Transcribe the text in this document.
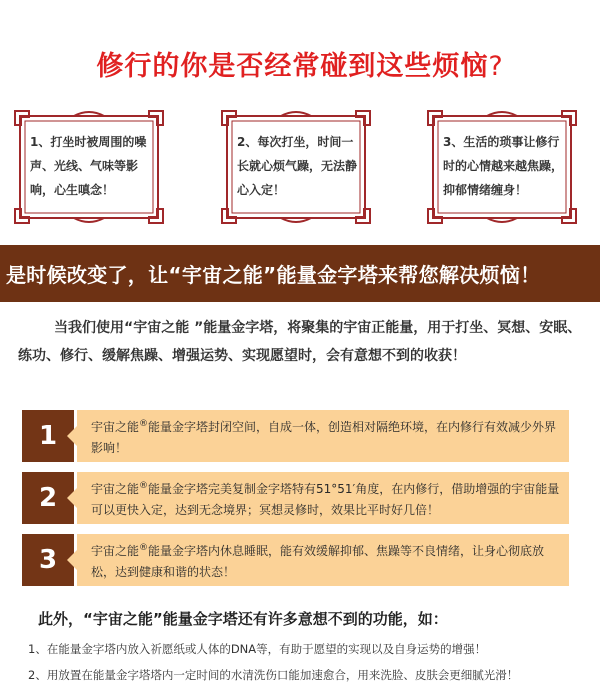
修行的你是否经常碰到这些烦恼?
1、打坐时被周围的噪声、光线、气味等影响，心生嗔念！
2、每次打坐，时间一长就心烦气躁，无法静心入定！
3、生活的琐事让修行时的心情越来越焦躁，抑郁情绪缠身！
是时候改变了，让“宇宙之能”能量金字塔来帮您解决烦恼！
当我们使用“宇宙之能 ”能量金字塔，将聚集的宇宙正能量，用于打坐、冥想、安眠、练功、修行、缓解焦躁、增强运势、实现愿望时，会有意想不到的收获！
1	宇宙之能®能量金字塔封闭空间，自成一体，创造相对隔绝环境，在内修行有效减少外界影响！
2	宇宙之能®能量金字塔完美复制金字塔特有51°51′角度，在内修行，借助增强的宇宙能量可以更快入定，达到无念境界；冥想灵修时，效果比平时好几倍！
3	宇宙之能®能量金字塔内休息睡眠，能有效缓解抑郁、焦躁等不良情绪，让身心彻底放松，达到健康和谐的状态！
此外，“宇宙之能”能量金字塔还有许多意想不到的功能，如：
1、在能量金字塔内放入祈愿纸或人体的DNA等，有助于愿望的实现以及自身运势的增强！
2、用放置在能量金字塔塔内一定时间的水清洗伤口能加速愈合，用来洗脸、皮肤会更细腻光滑！
